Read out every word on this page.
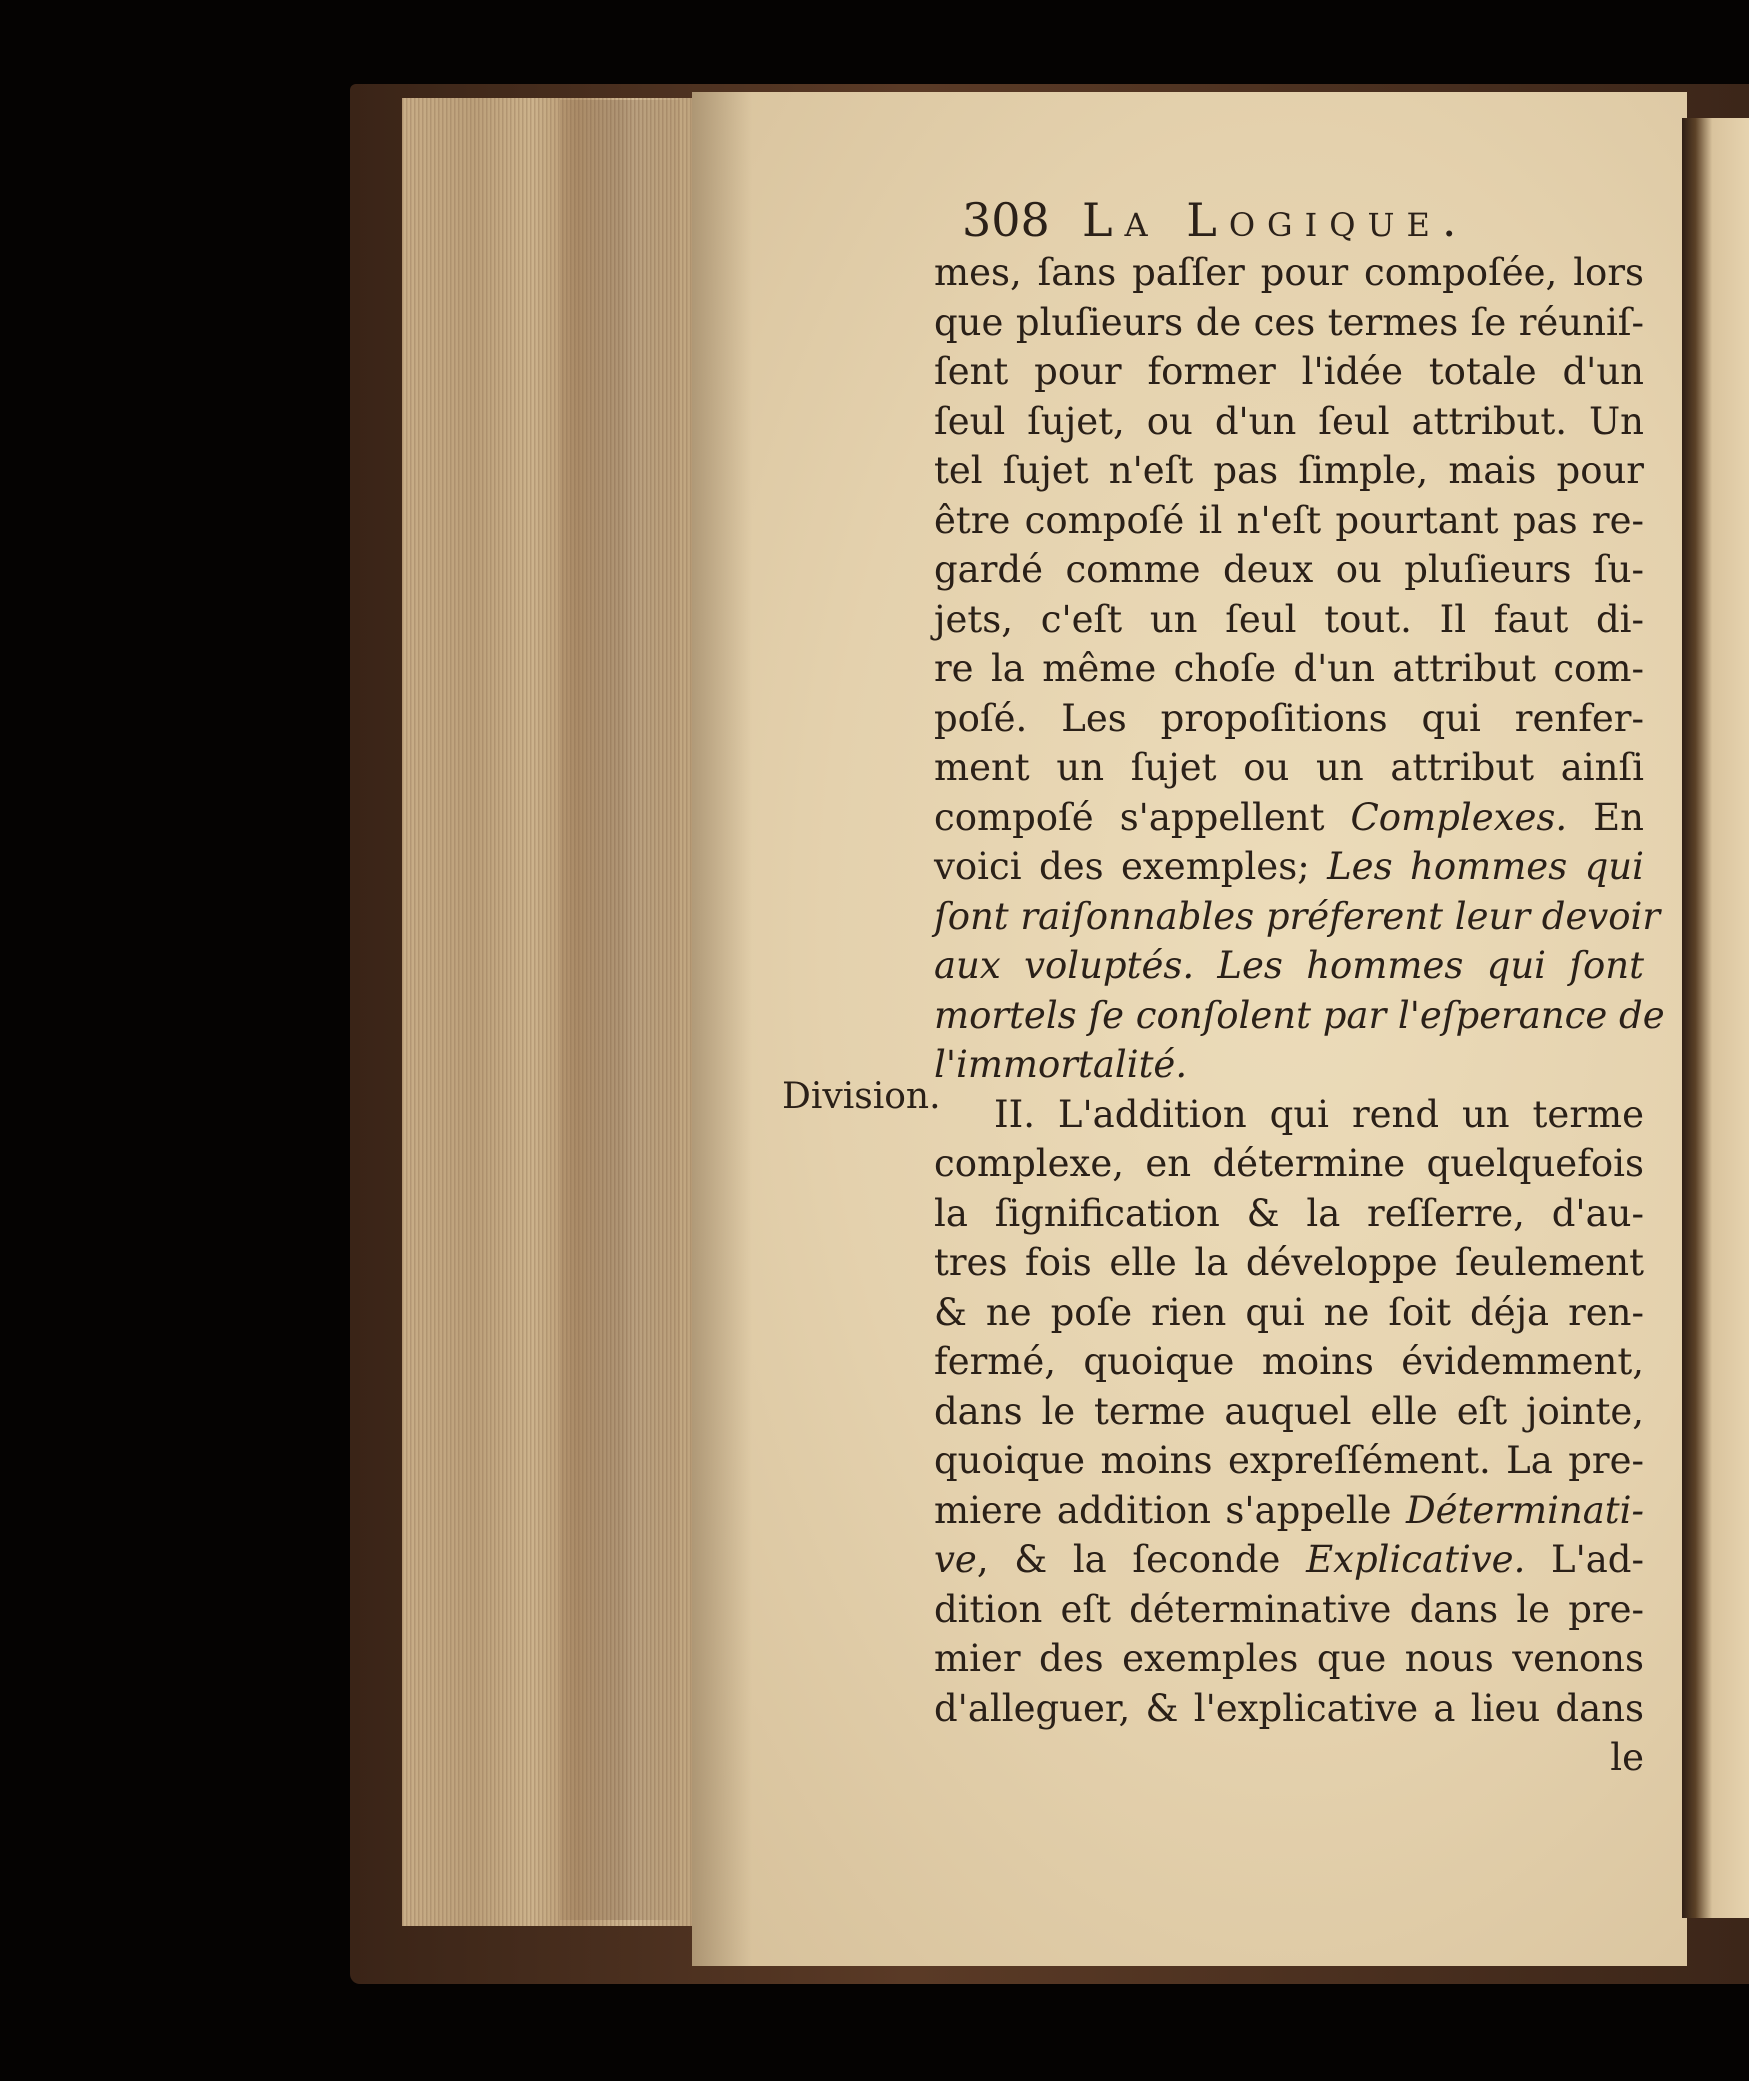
308 La Logique.
Division.
mes, ſans paſſer pour compoſée, lors
que pluſieurs de ces termes ſe réuniſ-
ſent pour former l'idée totale d'un
ſeul ſujet, ou d'un ſeul attribut. Un
tel ſujet n'eſt pas ſimple, mais pour
être compoſé il n'eſt pourtant pas re-
gardé comme deux ou pluſieurs ſu-
jets, c'eſt un ſeul tout. Il faut di-
re la même choſe d'un attribut com-
poſé. Les propoſitions qui renfer-
ment un ſujet ou un attribut ainſi
compoſé s'appellent Complexes. En
voici des exemples; Les hommes qui
ſont raiſonnables préferent leur devoir
aux voluptés. Les hommes qui ſont
mortels ſe conſolent par l'eſperance de
l'immortalité.
II. L'addition qui rend un terme
complexe, en détermine quelquefois
la ſignification & la reſſerre, d'au-
tres fois elle la développe ſeulement
& ne poſe rien qui ne ſoit déja ren-
fermé, quoique moins évidemment,
dans le terme auquel elle eſt jointe,
quoique moins expreſſément. La pre-
miere addition s'appelle Déterminati-
ve, & la ſeconde Explicative. L'ad-
dition eſt déterminative dans le pre-
mier des exemples que nous venons
d'alleguer, & l'explicative a lieu dans
le
